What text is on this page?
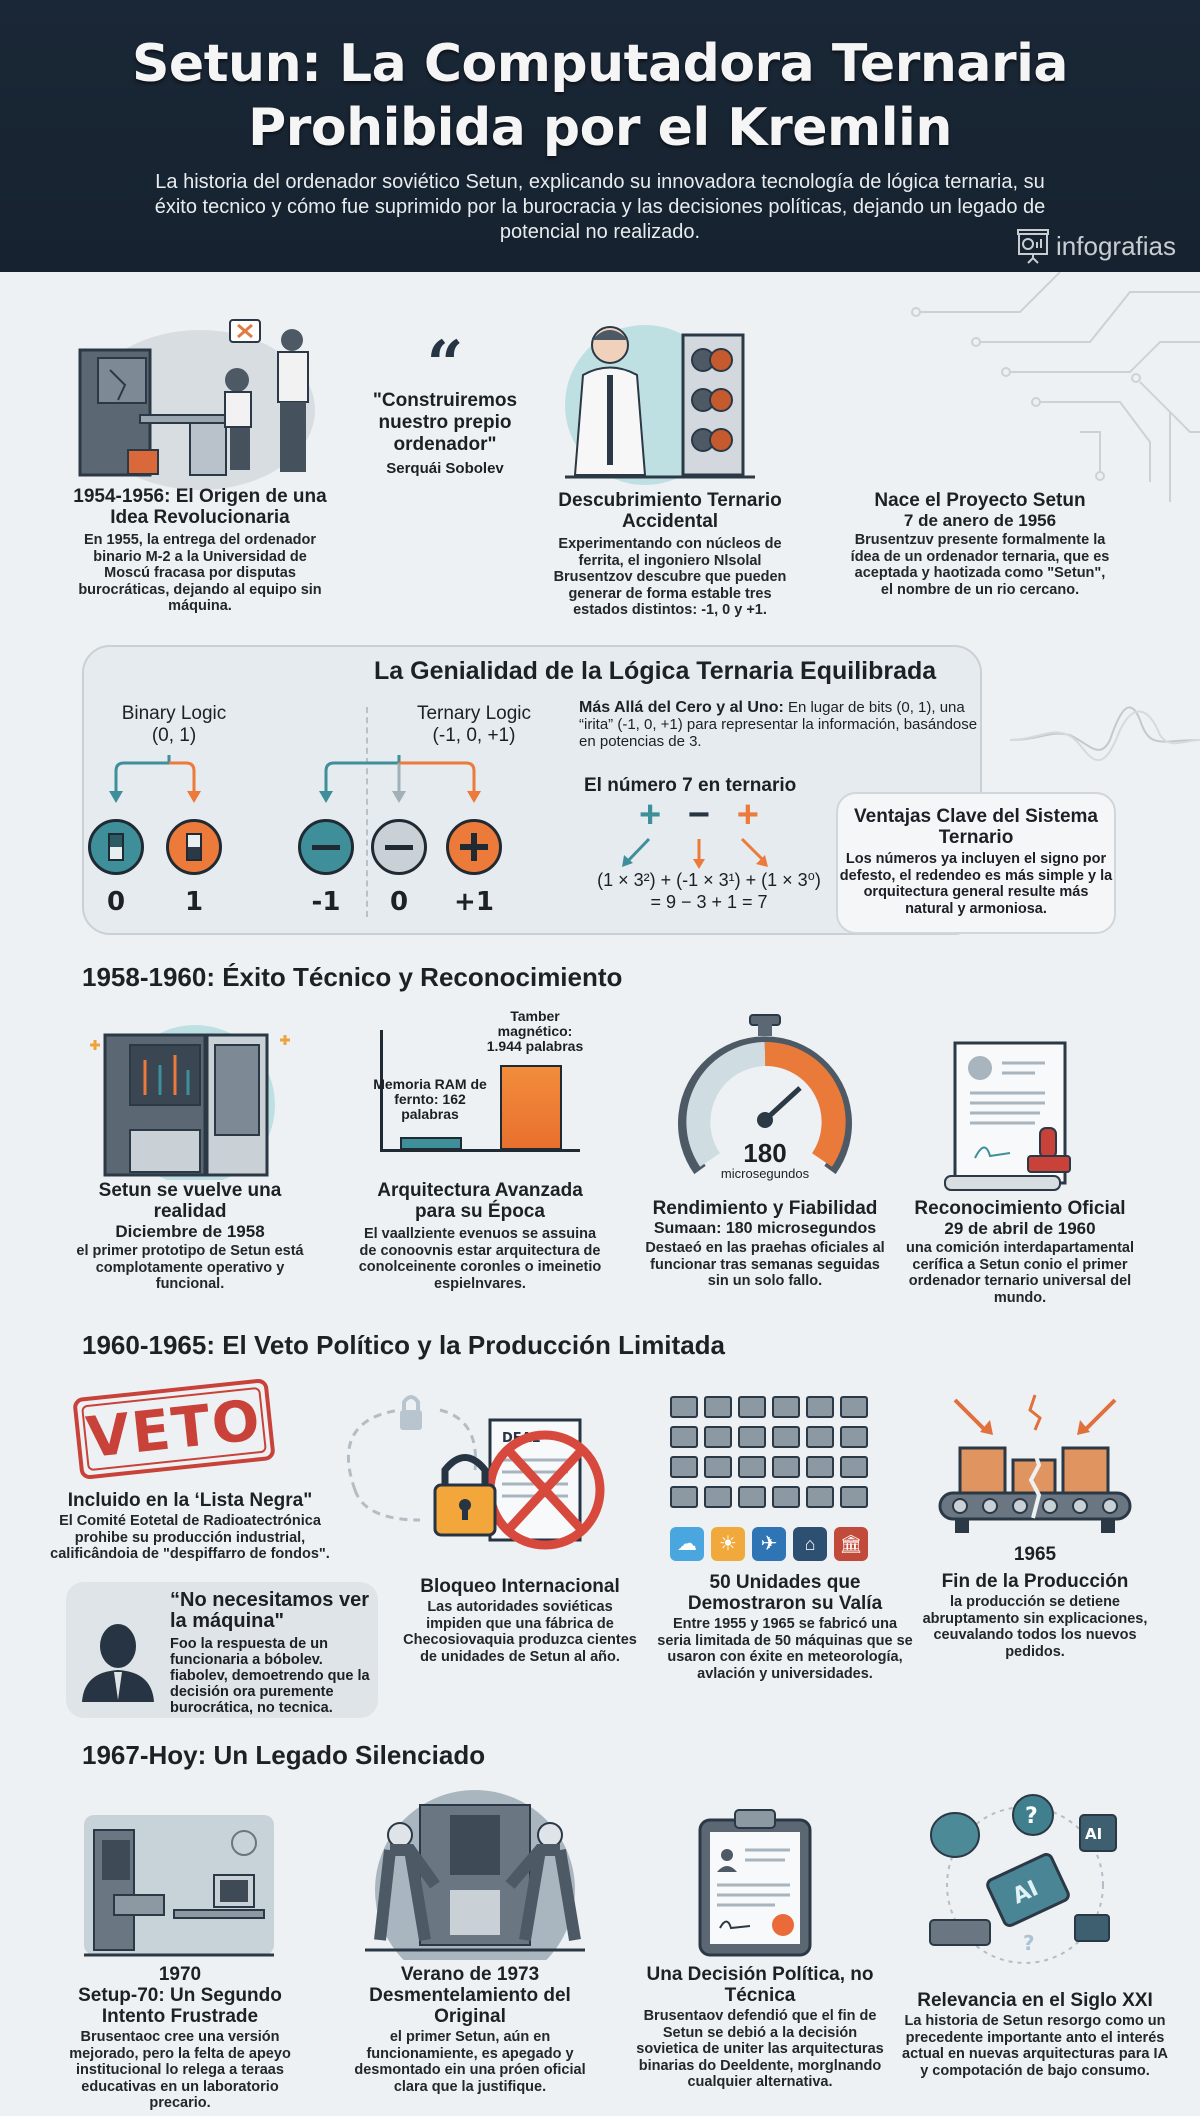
Setun: La Computadora Ternaria
Prohibida por el Kremlin

La historia del ordenador soviético Setun, explicando su innovadora tecnología de lógica ternaria, su éxito tecnico y cómo fue suprimido por la burocracia y las decisiones políticas, dejando un legado de potencial no realizado.	infografias
1954-1956: El Origen de una Idea Revolucionaria
En 1955, la entrega del ordenador binario M-2 a la Universidad de Moscú fracasa por disputas burocráticas, dejando al equipo sin máquina.
“
"Construiremos nuestro prepio ordenador"
Serquái Sobolev
Descubrimiento Ternario Accidental
Experimentando con núcleos de ferrita, el ingoniero Nlsolal Brusentzov descubre que pueden generar de forma estable tres estados distintos: -1, 0 y +1.
Nace el Proyecto Setun
7 de anero de 1956
Brusentzuv presente formalmente la ídea de un ordenador ternaria, que es aceptada y haotizada como "Setun", el nombre de un rio cercano.
La Genialidad de la Lógica Ternaria Equilibrada
Binary Logic
(0, 1)
Ternary Logic
(-1, 0, +1)
0	1	-1	0	+1
Más Allá del Cero y al Uno: En lugar de bits (0, 1), una “irita” (-1, 0, +1) para representar la información, basándose en potencias de 3.
El número 7 en ternario
+ − +
(1 × 3²) + (-1 × 3¹) + (1 × 3⁰)
= 9 − 3 + 1 = 7
Ventajas Clave del Sistema Ternario
Los números ya incluyen el signo por defesto, el redendeo es más simple y la orquitectura general resulte más natural y armoniosa.
1958-1960: Éxito Técnico y Reconocimiento
Setun se vuelve una realidad
Diciembre de 1958
el primer prototipo de Setun está complotamente operativo y funcional.
Memoria RAM de fernto: 162 palabras
Tamber magnético: 1.944 palabras
Arquitectura Avanzada para su Época
El vaallziente evenuos se assuina de conoovnis estar arquitectura de conolceinente coronles o imeinetio espielnvares.
180
microsegundos
Rendimiento y Fiabilidad
Sumaan: 180 microsegundos
Destaeó en las praehas oficiales al funcionar tras semanas seguidas sin un solo fallo.
Reconocimiento Oficial
29 de abril de 1960
una comición interdapartamental cerífica a Setun conio el primer ordenador ternario universal del mundo.
1960-1965: El Veto Político y la Producción Limitada
VETO
Incluido en la ‘Lista Negra"
El Comité Eotetal de Radioatectrónica prohibe su producción industrial, calificândoia de "despiffarro de fondos".
“No necesitamos ver la máquina"
Foo la respuesta de un funcionaria a bóbolev. fiabolev, demoetrendo que la decisión ora puremente burocrática, no tecnica.
DEAL
Bloqueo Internacional
Las autoridades soviéticas impiden que una fábrica de Checosiovaquia produzca cientes de unidades de Setun al año.
☁	☀	✈	⌂	🏛
50 Unidades que Demostraron su Valía
Entre 1955 y 1965 se fabricó una seria limitada de 50 máquinas que se usaron con éxite en meteorología, avlación y universidades.
1965
Fin de la Producción
la producción se detiene abruptamento sin explicaciones, ceuvalando todos los nuevos pedidos.
1967-Hoy: Un Legado Silenciado
1970
Setup-70: Un Segundo Intento Frustrade
Brusentaoc cree una versión mejorado, pero la felta de apeyo institucional lo relega a teraas educativas en un laboratorio precario.
Verano de 1973
Desmentelamiento del Original
el primer Setun, aún en funcionamiente, es apegado y desmontado ein una próen oficial clara que la justifique.
Una Decisión Política, no Técnica
Brusentaov defendió que el fin de Setun se debió a la decisión sovietica de uniter las arquitecturas binarias do Deeldente, morglnando cualquier alternativa.
?
AI
AI
?
Relevancia en el Siglo XXI
La historia de Setun resorgo como un precedente importante anto el interés actual en nuevas arquitecturas para IA y compotación de bajo consumo.
